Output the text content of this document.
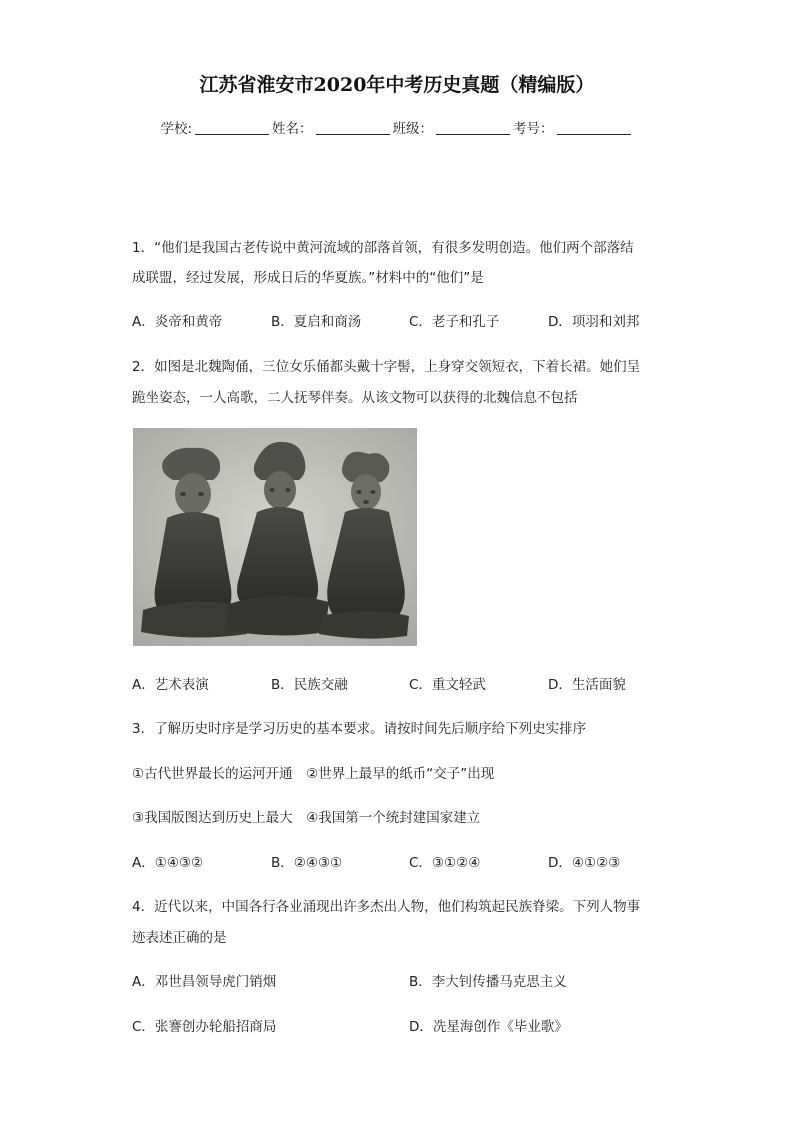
江苏省淮安市2020年中考历史真题（精编版）
学校:	姓名：	班级：	考号：
1．“他们是我国古老传说中黄河流域的部落首领，有很多发明创造。他们两个部落结
成联盟，经过发展，形成日后的华夏族。”材料中的“他们”是
A．炎帝和黄帝	B．夏启和商汤	C．老子和孔子	D．项羽和刘邦
2．如图是北魏陶俑，三位女乐俑都头戴十字髻，上身穿交领短衣，下着长裙。她们呈
跪坐姿态，一人高歌，二人抚琴伴奏。从该文物可以获得的北魏信息不包括
A．艺术表演	B．民族交融	C．重文轻武	D．生活面貌
3．了解历史时序是学习历史的基本要求。请按时间先后顺序给下列史实排序
①古代世界最长的运河开通　②世界上最早的纸币“交子”出现
③我国版图达到历史上最大　④我国第一个统封建国家建立
A．①④③②	B．②④③①	C．③①②④	D．④①②③
4．近代以来，中国各行各业涌现出许多杰出人物，他们构筑起民族脊梁。下列人物事
迹表述正确的是
A．邓世昌领导虎门销烟	B．李大钊传播马克思主义
C．张謇创办轮船招商局	D．冼星海创作《毕业歌》
